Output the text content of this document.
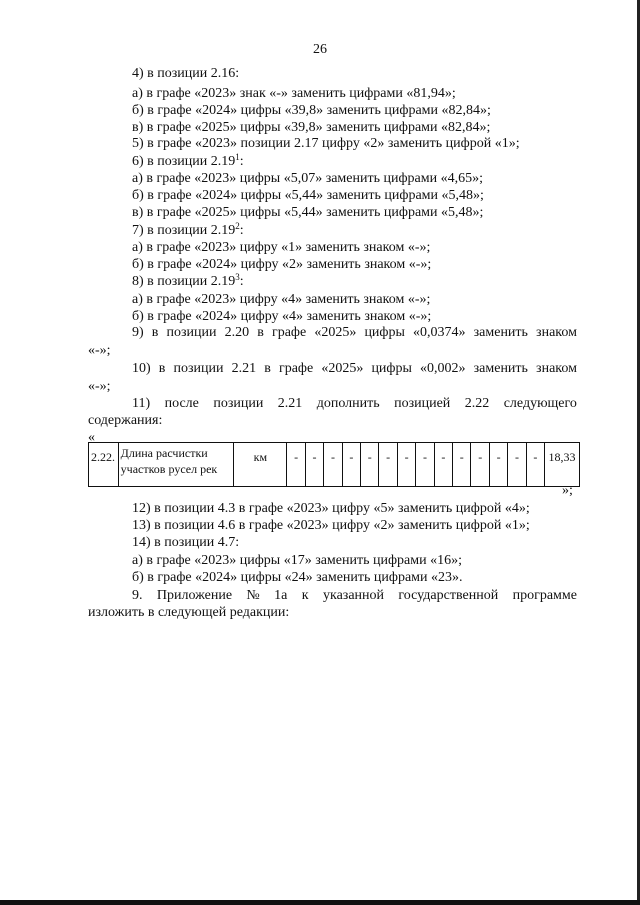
26
4) в позиции 2.16:
а) в графе «2023» знак «-» заменить цифрами «81,94»;
б) в графе «2024» цифры «39,8» заменить цифрами «82,84»;
в) в графе «2025» цифры «39,8» заменить цифрами «82,84»;
5) в графе «2023» позиции 2.17 цифру «2» заменить цифрой «1»;
6) в позиции 2.19$^1$:
а) в графе «2023» цифры «5,07» заменить цифрами «4,65»;
б) в графе «2024» цифры «5,44» заменить цифрами «5,48»;
в) в графе «2025» цифры «5,44» заменить цифрами «5,48»;
7) в позиции 2.19$^2$:
а) в графе «2023» цифру «1» заменить знаком «-»;
б) в графе «2024» цифру «2» заменить знаком «-»;
8) в позиции 2.19$^3$:
а) в графе «2023» цифру «4» заменить знаком «-»;
б) в графе «2024» цифру «4» заменить знаком «-»;
9) в позиции 2.20 в графе «2025» цифры «0,0374» заменить знаком
«-»;
10) в позиции 2.21 в графе «2025» цифры «0,002» заменить знаком
«-»;
11) после позиции 2.21 дополнить позицией 2.22 следующего
содержания:
«
2.22.	Длина расчистки
участков русел рек	км	-	-	-	-	-	-	-	-	-	-	-	-	-	-	18,33
»;
12) в позиции 4.3 в графе «2023» цифру «5» заменить цифрой «4»;
13) в позиции 4.6 в графе «2023» цифру «2» заменить цифрой «1»;
14) в позиции 4.7:
а) в графе «2023» цифры «17» заменить цифрами «16»;
б) в графе «2024» цифры «24» заменить цифрами «23».
9. Приложение № 1а к указанной государственной программе
изложить в следующей редакции:
